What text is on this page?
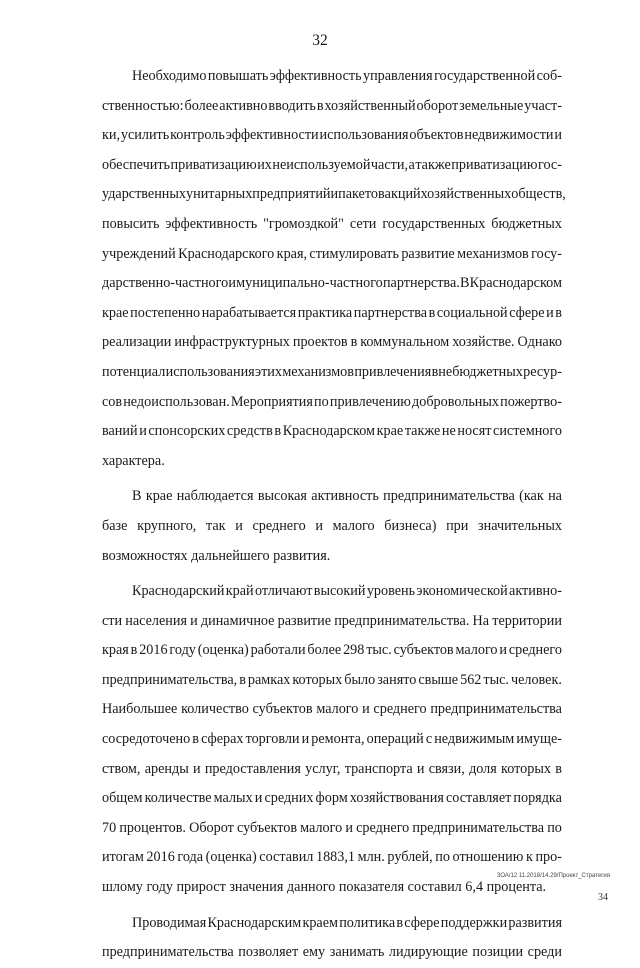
32
Необходимо повышать эффективность управления государственной соб-
ственностью: более активно вводить в хозяйственный оборот земельные участ-
ки, усилить контроль эффективности использования объектов недвижимости и
обеспечить приватизацию их неиспользуемой части, а также приватизацию гос-
ударственных унитарных предприятий и пакетов акций хозяйственных обществ,
повысить эффективность "громоздкой" сети государственных бюджетных
учреждений Краснодарского края, стимулировать развитие механизмов госу-
дарственно-частного и муниципально-частного партнерства. В Краснодарском
крае постепенно нарабатывается практика партнерства в социальной сфере и в
реализации инфраструктурных проектов в коммунальном хозяйстве. Однако
потенциал использования этих механизмов привлечения внебюджетных ресур-
сов недоиспользован. Мероприятия по привлечению добровольных пожертво-
ваний и спонсорских средств в Краснодарском крае также не носят системного
характера.
В крае наблюдается высокая активность предпринимательства (как на
базе крупного, так и среднего и малого бизнеса) при значительных
возможностях дальнейшего развития.
Краснодарский край отличают высокий уровень экономической активно-
сти населения и динамичное развитие предпринимательства. На территории
края в 2016 году (оценка) работали более 298 тыс. субъектов малого и среднего
предпринимательства, в рамках которых было занято свыше 562 тыс. человек.
Наибольшее количество субъектов малого и среднего предпринимательства
сосредоточено в сферах торговли и ремонта, операций с недвижимым имуще-
ством, аренды и предоставления услуг, транспорта и связи, доля которых в
общем количестве малых и средних форм хозяйствования составляет порядка
70 процентов. Оборот субъектов малого и среднего предпринимательства по
итогам 2016 года (оценка) составил 1883,1 млн. рублей, по отношению к про-
шлому году прирост значения данного показателя составил 6,4 процента.
Проводимая Краснодарским краем политика в сфере поддержки развития
предпринимательства позволяет ему занимать лидирующие позиции среди
ЗОА/12 11.2018/14.29/Проект_Стратегия
34
